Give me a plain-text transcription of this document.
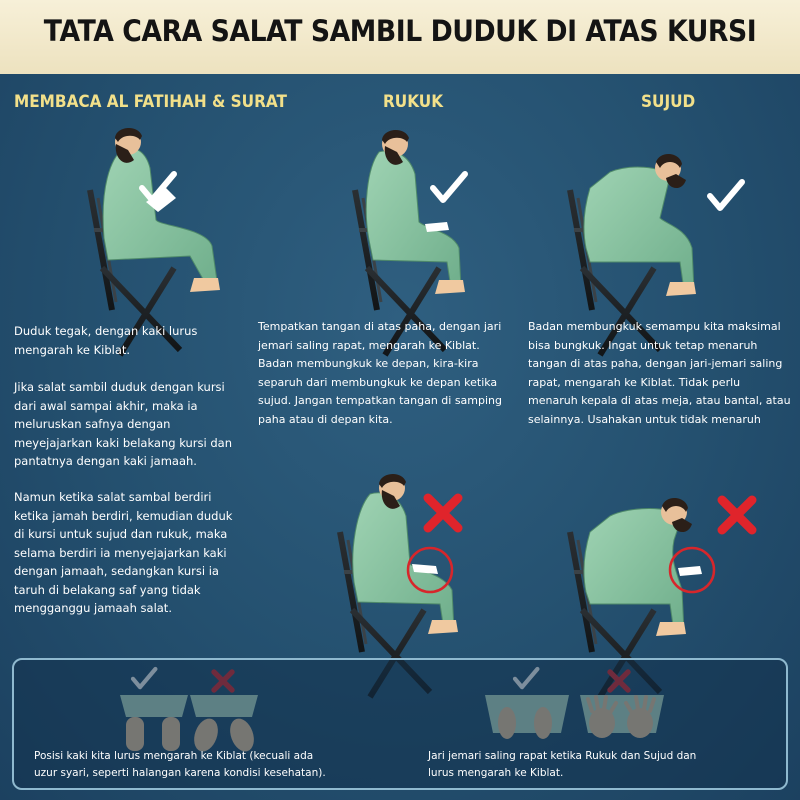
TATA CARA SALAT SAMBIL DUDUK DI ATAS KURSI
MEMBACA AL FATIHAH & SURAT	RUKUK	SUJUD
Duduk tegak, dengan kaki lurus
mengarah ke Kiblat.
Jika salat sambil duduk dengan kursi
dari awal sampai akhir, maka ia
meluruskan safnya dengan
meyejajarkan kaki belakang kursi dan
pantatnya dengan kaki jamaah.
Namun ketika salat sambal berdiri
ketika jamah berdiri, kemudian duduk
di kursi untuk sujud dan rukuk, maka
selama berdiri ia menyejajarkan kaki
dengan jamaah, sedangkan kursi ia
taruh di belakang saf yang tidak
mengganggu jamaah salat.
Tempatkan tangan di atas paha, dengan jari
jemari saling rapat, mengarah ke Kiblat.
Badan membungkuk ke depan, kira-kira
separuh dari membungkuk ke depan ketika
sujud. Jangan tempatkan tangan di samping
paha atau di depan kita.
Badan membungkuk semampu kita maksimal
bisa bungkuk. Ingat untuk tetap menaruh
tangan di atas paha, dengan jari-jemari saling
rapat, mengarah ke Kiblat. Tidak perlu
menaruh kepala di atas meja, atau bantal, atau
selainnya. Usahakan untuk tidak menaruh
Posisi kaki kita lurus mengarah ke Kiblat (kecuali ada
uzur syari, seperti halangan karena kondisi kesehatan).
Jari jemari saling rapat ketika Rukuk dan Sujud dan
lurus mengarah ke Kiblat.
